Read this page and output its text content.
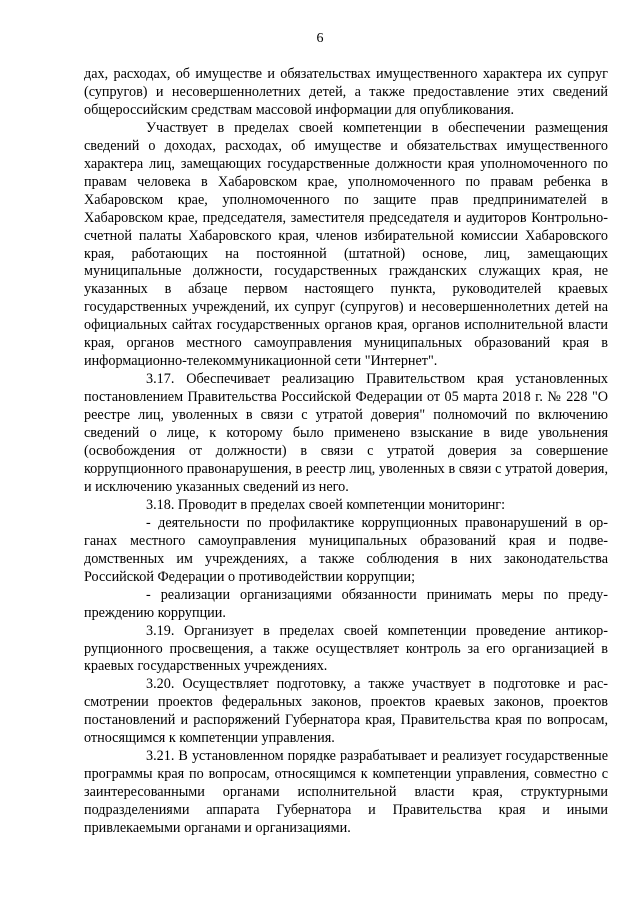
6

дах, расходах, об имуществе и обязательствах имущественного характера их супруг (супругов) и несовершеннолетних детей, а также предоставление этих сведений общероссийским средствам массовой информации для опубликования.

Участвует в пределах своей компетенции в обеспечении размещения сведений о доходах, расходах, об имуществе и обязательствах имущественного характера лиц, замещающих государственные должности края уполномоченного по правам человека в Хабаровском крае, уполномоченного по правам ребенка в Хабаровском крае, уполномоченного по защите прав предпринимателей в Хабаровском крае, председателя, заместителя председателя и аудиторов Контрольно-счетной палаты Хабаровского края, членов избирательной комиссии Хабаровского края, работающих на постоянной (штатной) основе, лиц, замещающих муниципальные должности, государственных гражданских служащих края, не указанных в абзаце первом настоящего пункта, руководителей краевых государственных учреждений, их супруг (супругов) и несовершеннолетних детей на официальных сайтах государственных органов края, органов исполнительной власти края, органов местного самоуправления муниципальных образований края в информационно-телекоммуникационной сети "Интернет".

3.17. Обеспечивает реализацию Правительством края установленных постановлением Правительства Российской Федерации от 05 марта 2018 г. № 228 "О реестре лиц, уволенных в связи с утратой доверия" полномочий по включению сведений о лице, к которому было применено взыскание в виде увольнения (освобождения от должности) в связи с утратой доверия за совершение коррупционного правонарушения, в реестр лиц, уволенных в связи с утратой доверия, и исключению указанных сведений из него.

3.18. Проводит в пределах своей компетенции мониторинг:

- деятельности по профилактике коррупционных правонарушений в органах местного самоуправления муниципальных образований края и подведомственных им учреждениях, а также соблюдения в них законодательства Российской Федерации о противодействии коррупции;

- реализации организациями обязанности принимать меры по предупреждению коррупции.

3.19. Организует в пределах своей компетенции проведение антикоррупционного просвещения, а также осуществляет контроль за его организацией в краевых государственных учреждениях.

3.20. Осуществляет подготовку, а также участвует в подготовке и рассмотрении проектов федеральных законов, проектов краевых законов, проектов постановлений и распоряжений Губернатора края, Правительства края по вопросам, относящимся к компетенции управления.

3.21. В установленном порядке разрабатывает и реализует государственные программы края по вопросам, относящимся к компетенции управления, совместно с заинтересованными органами исполнительной власти края, структурными подразделениями аппарата Губернатора и Правительства края и иными привлекаемыми органами и организациями.
